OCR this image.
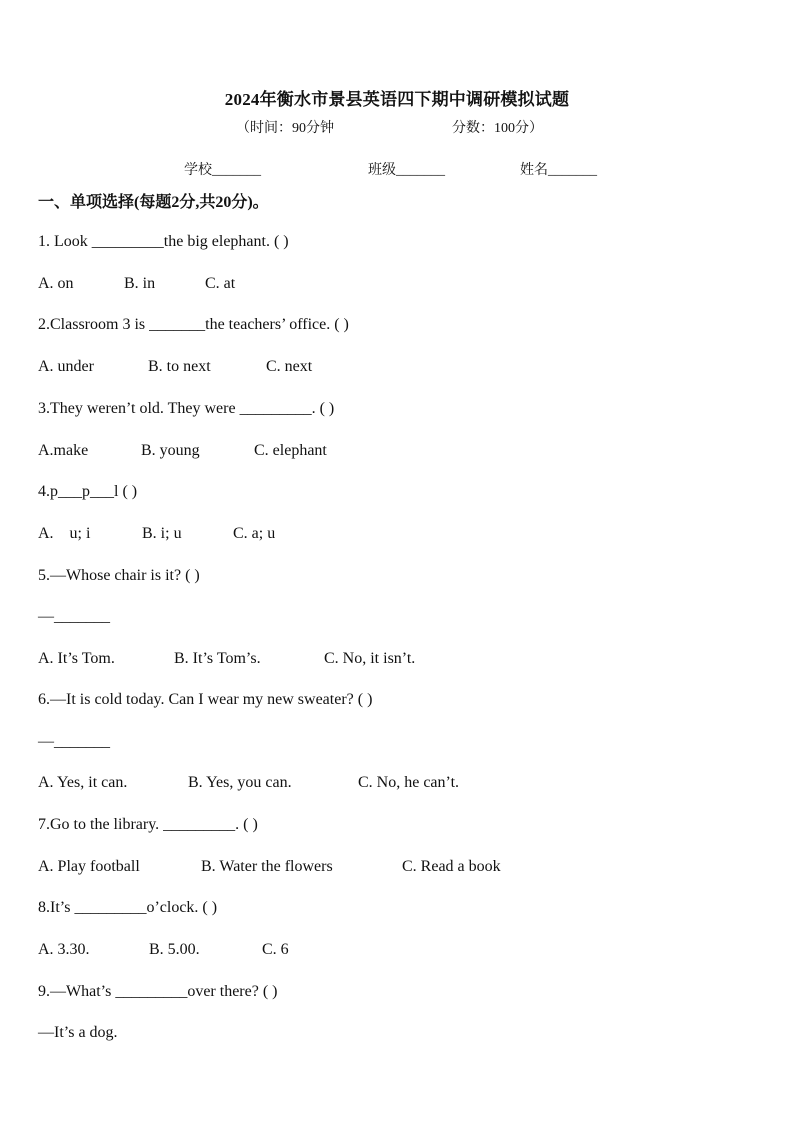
2024年衡水市景县英语四下期中调研模拟试题
（时间：90分钟	分数：100分）
学校_______	班级_______	姓名_______
一、单项选择(每题2分,共20分)。
1. Look _________the big elephant. ( )
A. on	B. in	C. at
2.Classroom 3 is _______the teachers’ office. ( )
A. under	B. to next	C. next
3.They weren’t old. They were _________. ( )
A.make	B. young	C. elephant
4.p___p___l ( )
A.    u; i	B. i; u	C. a; u
5.—Whose chair is it? ( )
—_______
A. It’s Tom.	B. It’s Tom’s.	C. No, it isn’t.
6.—It is cold today. Can I wear my new sweater? ( )
—_______
A. Yes, it can.	B. Yes, you can.	C. No, he can’t.
7.Go to the library. _________. ( )
A. Play football	B. Water the flowers	C. Read a book
8.It’s _________o’clock. ( )
A. 3.30.	B. 5.00.	C. 6
9.—What’s _________over there? ( )
—It’s a dog.
